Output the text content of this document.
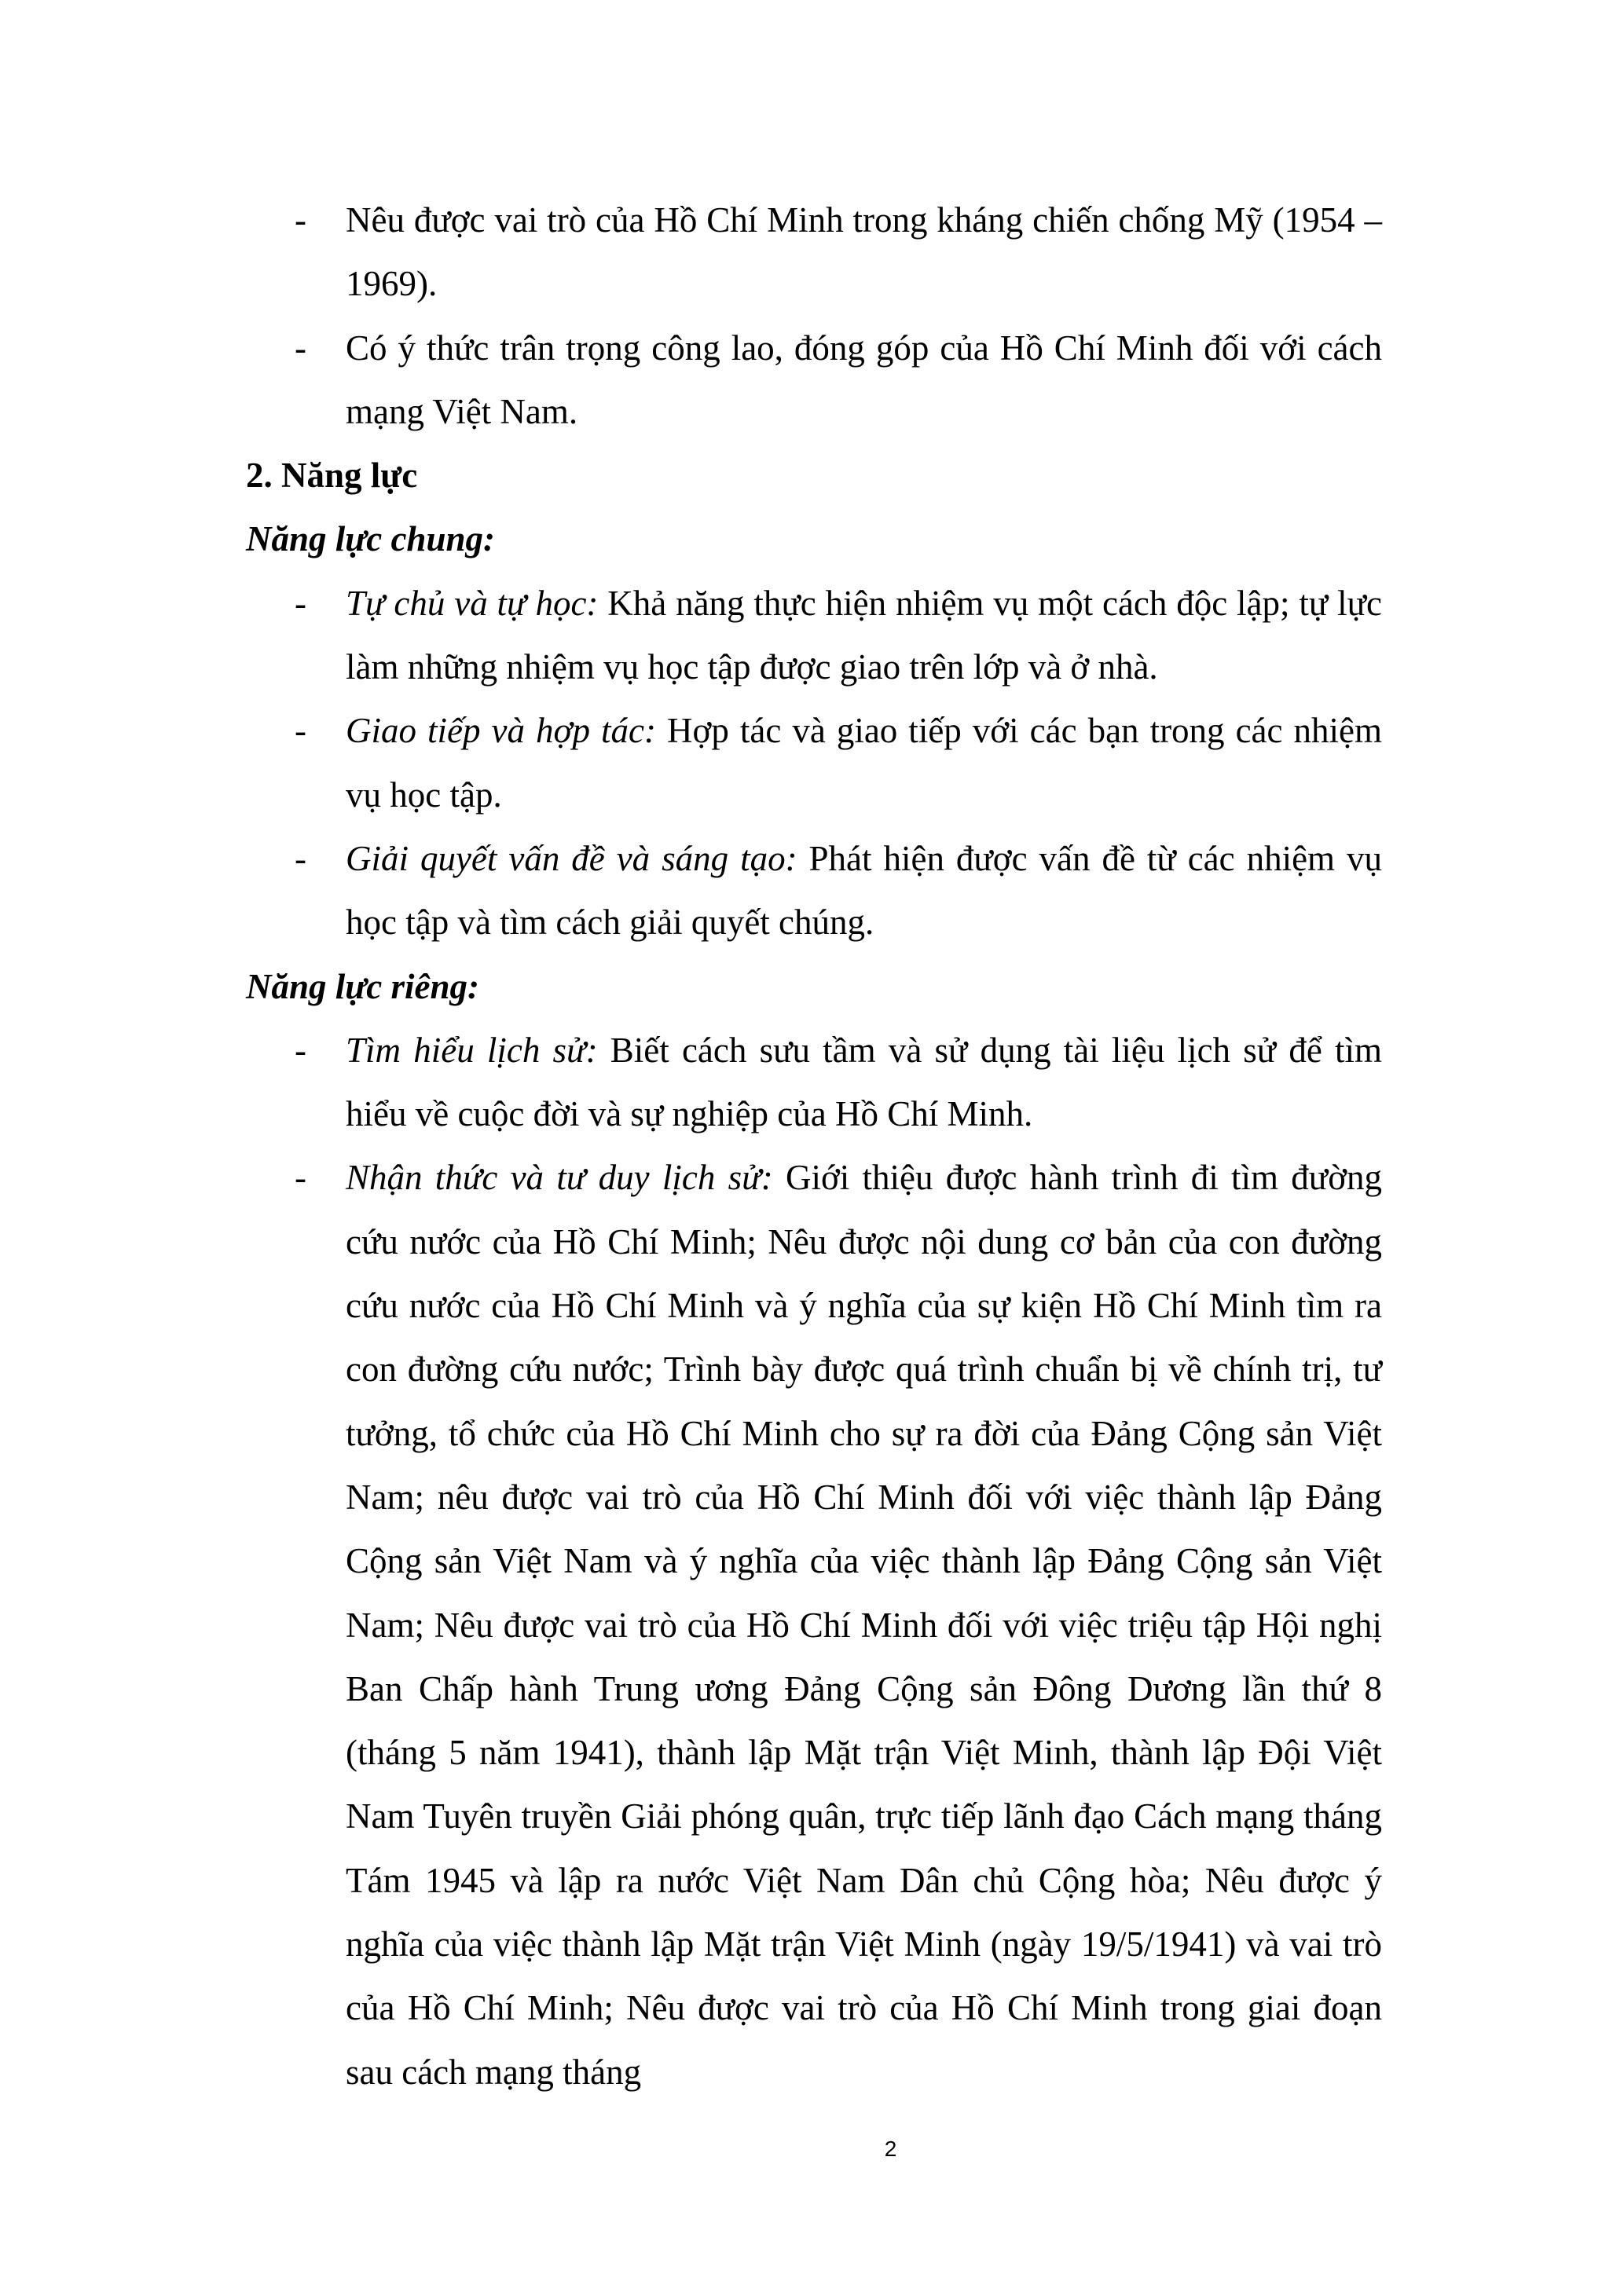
- Nêu được vai trò của Hồ Chí Minh trong kháng chiến chống Mỹ (1954 – 1969).
- Có ý thức trân trọng công lao, đóng góp của Hồ Chí Minh đối với cách mạng Việt Nam.
2. Năng lực
Năng lực chung:
- Tự chủ và tự học: Khả năng thực hiện nhiệm vụ một cách độc lập; tự lực làm những nhiệm vụ học tập được giao trên lớp và ở nhà.
- Giao tiếp và hợp tác: Hợp tác và giao tiếp với các bạn trong các nhiệm vụ học tập.
- Giải quyết vấn đề và sáng tạo: Phát hiện được vấn đề từ các nhiệm vụ học tập và tìm cách giải quyết chúng.
Năng lực riêng:
- Tìm hiểu lịch sử: Biết cách sưu tầm và sử dụng tài liệu lịch sử để tìm hiểu về cuộc đời và sự nghiệp của Hồ Chí Minh.
- Nhận thức và tư duy lịch sử: Giới thiệu được hành trình đi tìm đường cứu nước của Hồ Chí Minh; Nêu được nội dung cơ bản của con đường cứu nước của Hồ Chí Minh và ý nghĩa của sự kiện Hồ Chí Minh tìm ra con đường cứu nước; Trình bày được quá trình chuẩn bị về chính trị, tư tưởng, tổ chức của Hồ Chí Minh cho sự ra đời của Đảng Cộng sản Việt Nam; nêu được vai trò của Hồ Chí Minh đối với việc thành lập Đảng Cộng sản Việt Nam và ý nghĩa của việc thành lập Đảng Cộng sản Việt Nam; Nêu được vai trò của Hồ Chí Minh đối với việc triệu tập Hội nghị Ban Chấp hành Trung ương Đảng Cộng sản Đông Dương lần thứ 8 (tháng 5 năm 1941), thành lập Mặt trận Việt Minh, thành lập Đội Việt Nam Tuyên truyền Giải phóng quân, trực tiếp lãnh đạo Cách mạng tháng Tám 1945 và lập ra nước Việt Nam Dân chủ Cộng hòa; Nêu được ý nghĩa của việc thành lập Mặt trận Việt Minh (ngày 19/5/1941) và vai trò của Hồ Chí Minh; Nêu được vai trò của Hồ Chí Minh trong giai đoạn sau cách mạng tháng
2
